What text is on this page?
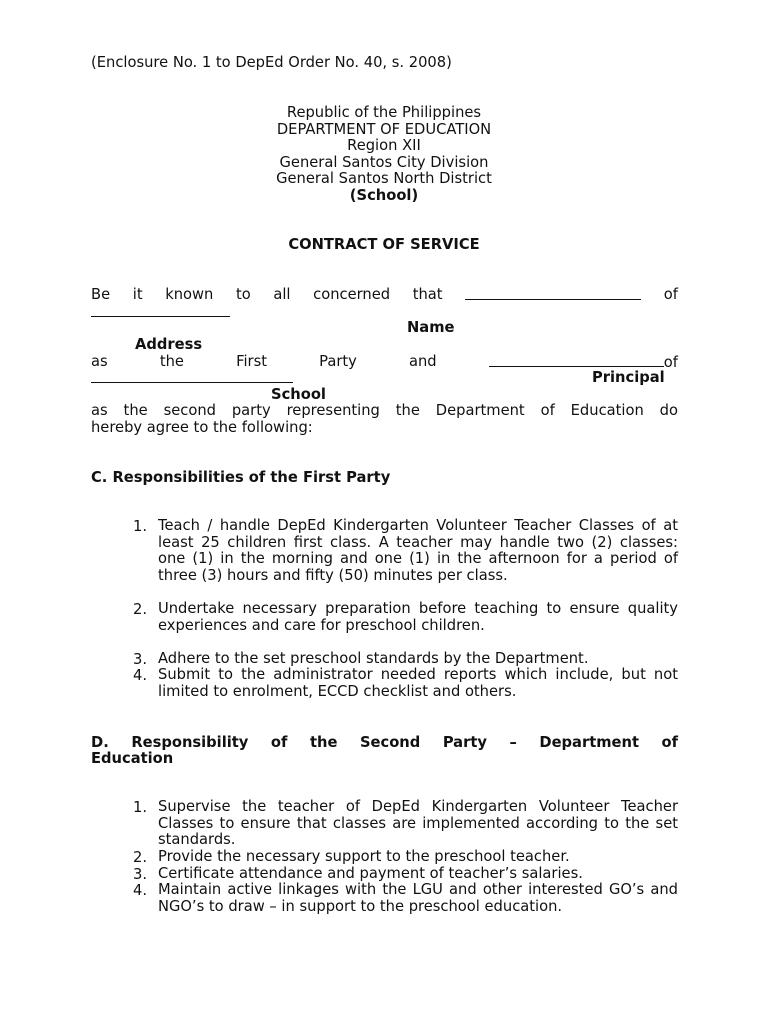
(Enclosure No. 1 to DepEd Order No. 40, s. 2008)
Republic of the Philippines
DEPARTMENT OF EDUCATION
Region XII
General Santos City Division
General Santos North District
(School)
CONTRACT OF SERVICE
Be it known to all concerned that	of
Name
Address
as	the	First	Party	and	of
Principal
School
as the second party representing the Department of Education do
hereby agree to the following:
C. Responsibilities of the First Party
1. Teach / handle DepEd Kindergarten Volunteer Teacher Classes of at least 25 children first class. A teacher may handle two (2) classes: one (1) in the morning and one (1) in the afternoon for a period of three (3) hours and fifty (50) minutes per class.
2. Undertake necessary preparation before teaching to ensure quality experiences and care for preschool children.
3. Adhere to the set preschool standards by the Department.
4. Submit to the administrator needed reports which include, but not limited to enrolment, ECCD checklist and others.
D. Responsibility of the Second Party – Department of
Education
1. Supervise the teacher of DepEd Kindergarten Volunteer Teacher Classes to ensure that classes are implemented according to the set standards.
2. Provide the necessary support to the preschool teacher.
3. Certificate attendance and payment of teacher’s salaries.
4. Maintain active linkages with the LGU and other interested GO’s and NGO’s to draw – in support to the preschool education.
